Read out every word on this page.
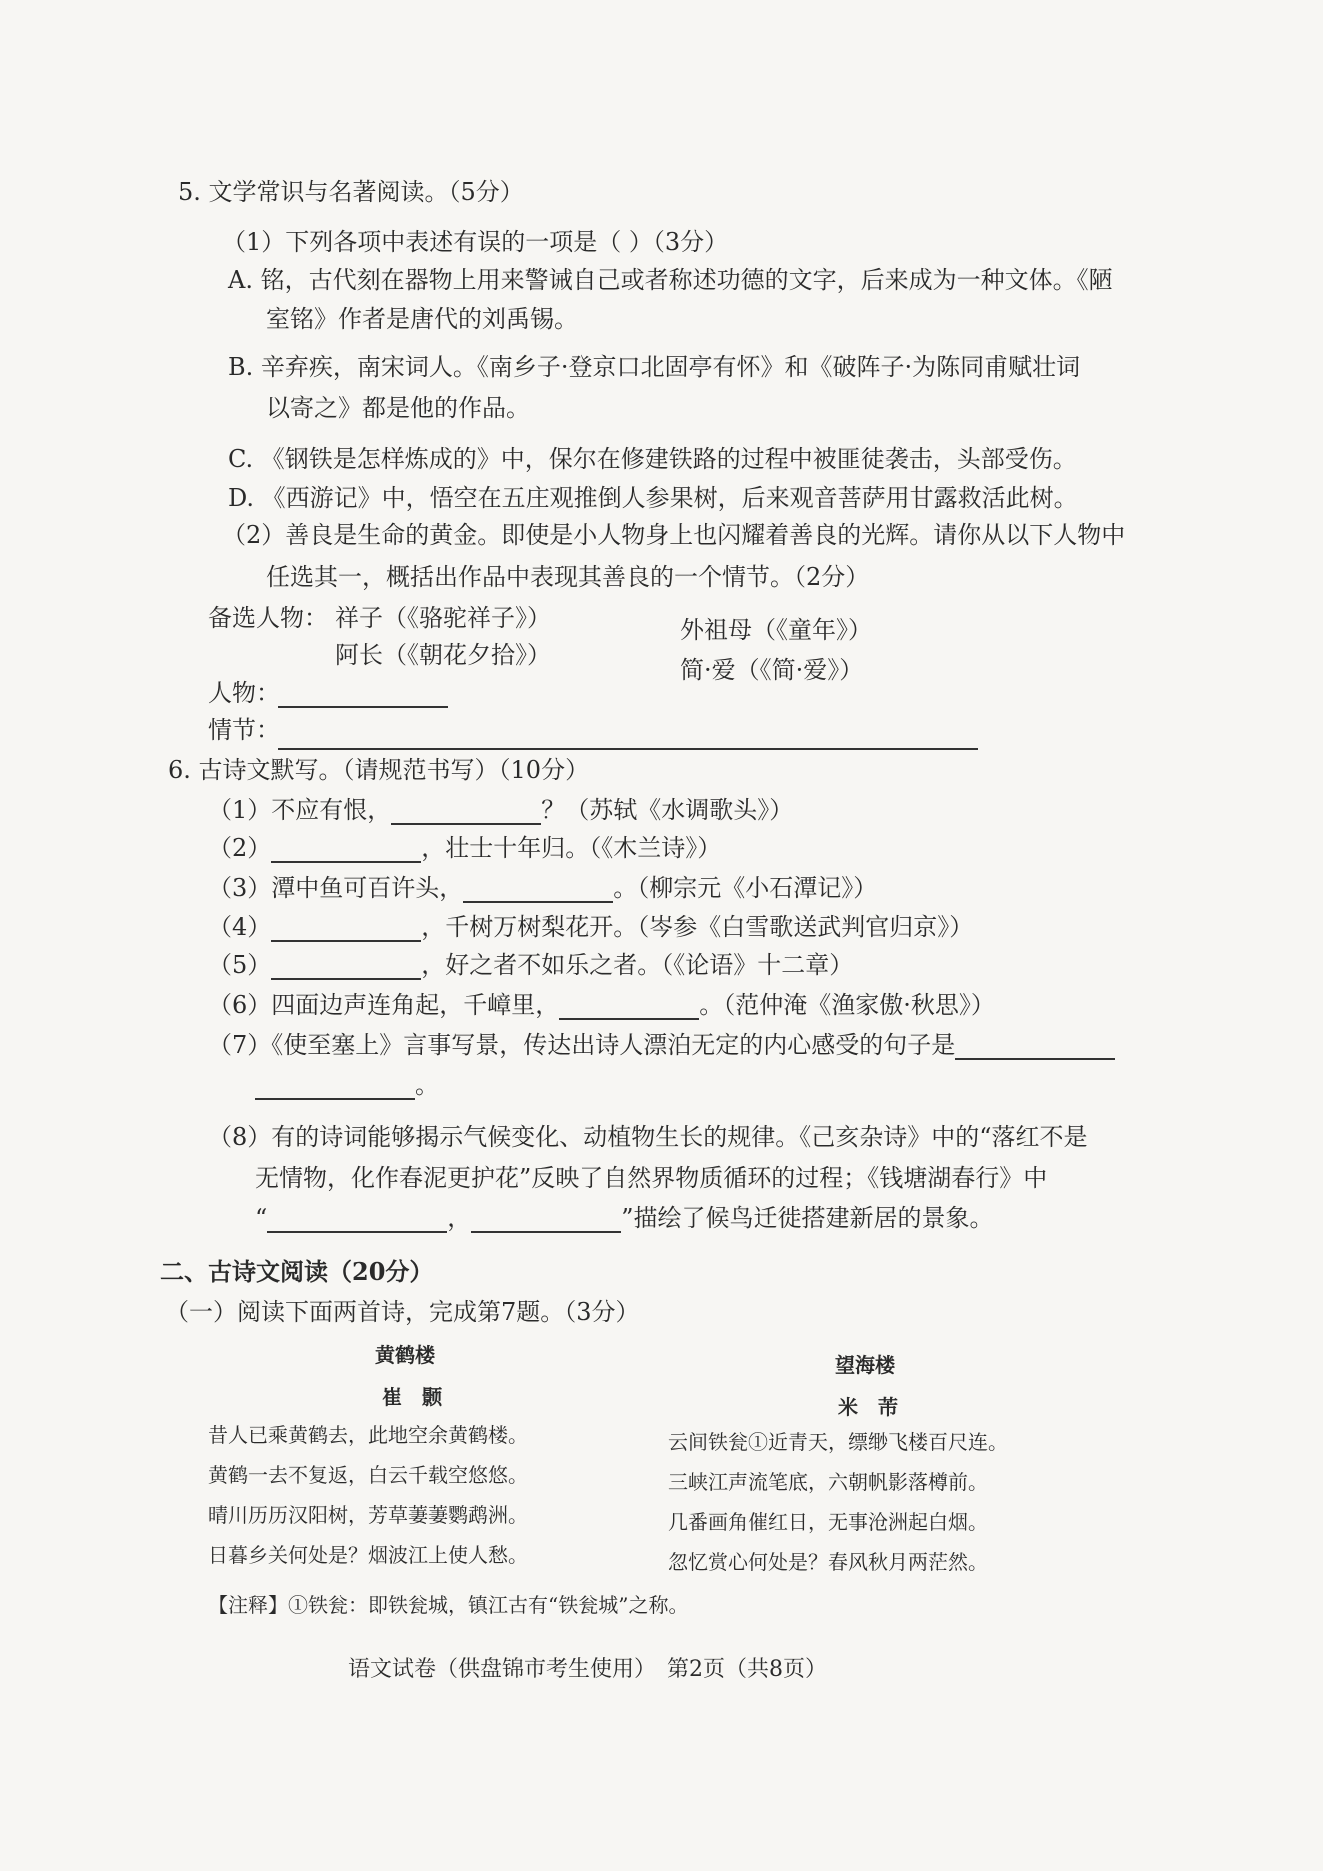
5. 文学常识与名著阅读。（5分）
（1）下列各项中表述有误的一项是（ ）（3分）
A. 铭，古代刻在器物上用来警诫自己或者称述功德的文字，后来成为一种文体。《陋
室铭》作者是唐代的刘禹锡。
B. 辛弃疾，南宋词人。《南乡子·登京口北固亭有怀》和《破阵子·为陈同甫赋壮词
以寄之》都是他的作品。
C. 《钢铁是怎样炼成的》中，保尔在修建铁路的过程中被匪徒袭击，头部受伤。
D. 《西游记》中，悟空在五庄观推倒人参果树，后来观音菩萨用甘露救活此树。
（2）善良是生命的黄金。即使是小人物身上也闪耀着善良的光辉。请你从以下人物中
任选其一，概括出作品中表现其善良的一个情节。（2分）
备选人物： 祥子（《骆驼祥子》）	外祖母（《童年》）
阿长（《朝花夕拾》）
简·爱（《简·爱》）
人物：
情节：
6. 古诗文默写。（请规范书写）（10分）
（1）不应有恨，	？（苏轼《水调歌头》）
（2）	，壮士十年归。（《木兰诗》）
（3）潭中鱼可百许头，	。（柳宗元《小石潭记》）
（4）	，千树万树梨花开。（岑参《白雪歌送武判官归京》）
（5）	，好之者不如乐之者。（《论语》十二章）
（6）四面边声连角起，千嶂里，	。（范仲淹《渔家傲·秋思》）
（7）《使至塞上》言事写景，传达出诗人漂泊无定的内心感受的句子是
。
（8）有的诗词能够揭示气候变化、动植物生长的规律。《己亥杂诗》中的“落红不是
无情物，化作春泥更护花”反映了自然界物质循环的过程；《钱塘湖春行》中
“	，	”描绘了候鸟迁徙搭建新居的景象。
二、古诗文阅读（20分）
（一）阅读下面两首诗，完成第7题。（3分）
黄鹤楼
崔　颢
昔人已乘黄鹤去，此地空余黄鹤楼。
黄鹤一去不复返，白云千载空悠悠。
晴川历历汉阳树，芳草萋萋鹦鹉洲。
日暮乡关何处是？烟波江上使人愁。
望海楼
米　芾
云间铁瓮①近青天，缥缈飞楼百尺连。
三峡江声流笔底，六朝帆影落樽前。
几番画角催红日，无事沧洲起白烟。
忽忆赏心何处是？春风秋月两茫然。
【注释】①铁瓮：即铁瓮城，镇江古有“铁瓮城”之称。
语文试卷（供盘锦市考生使用）　第2页（共8页）
